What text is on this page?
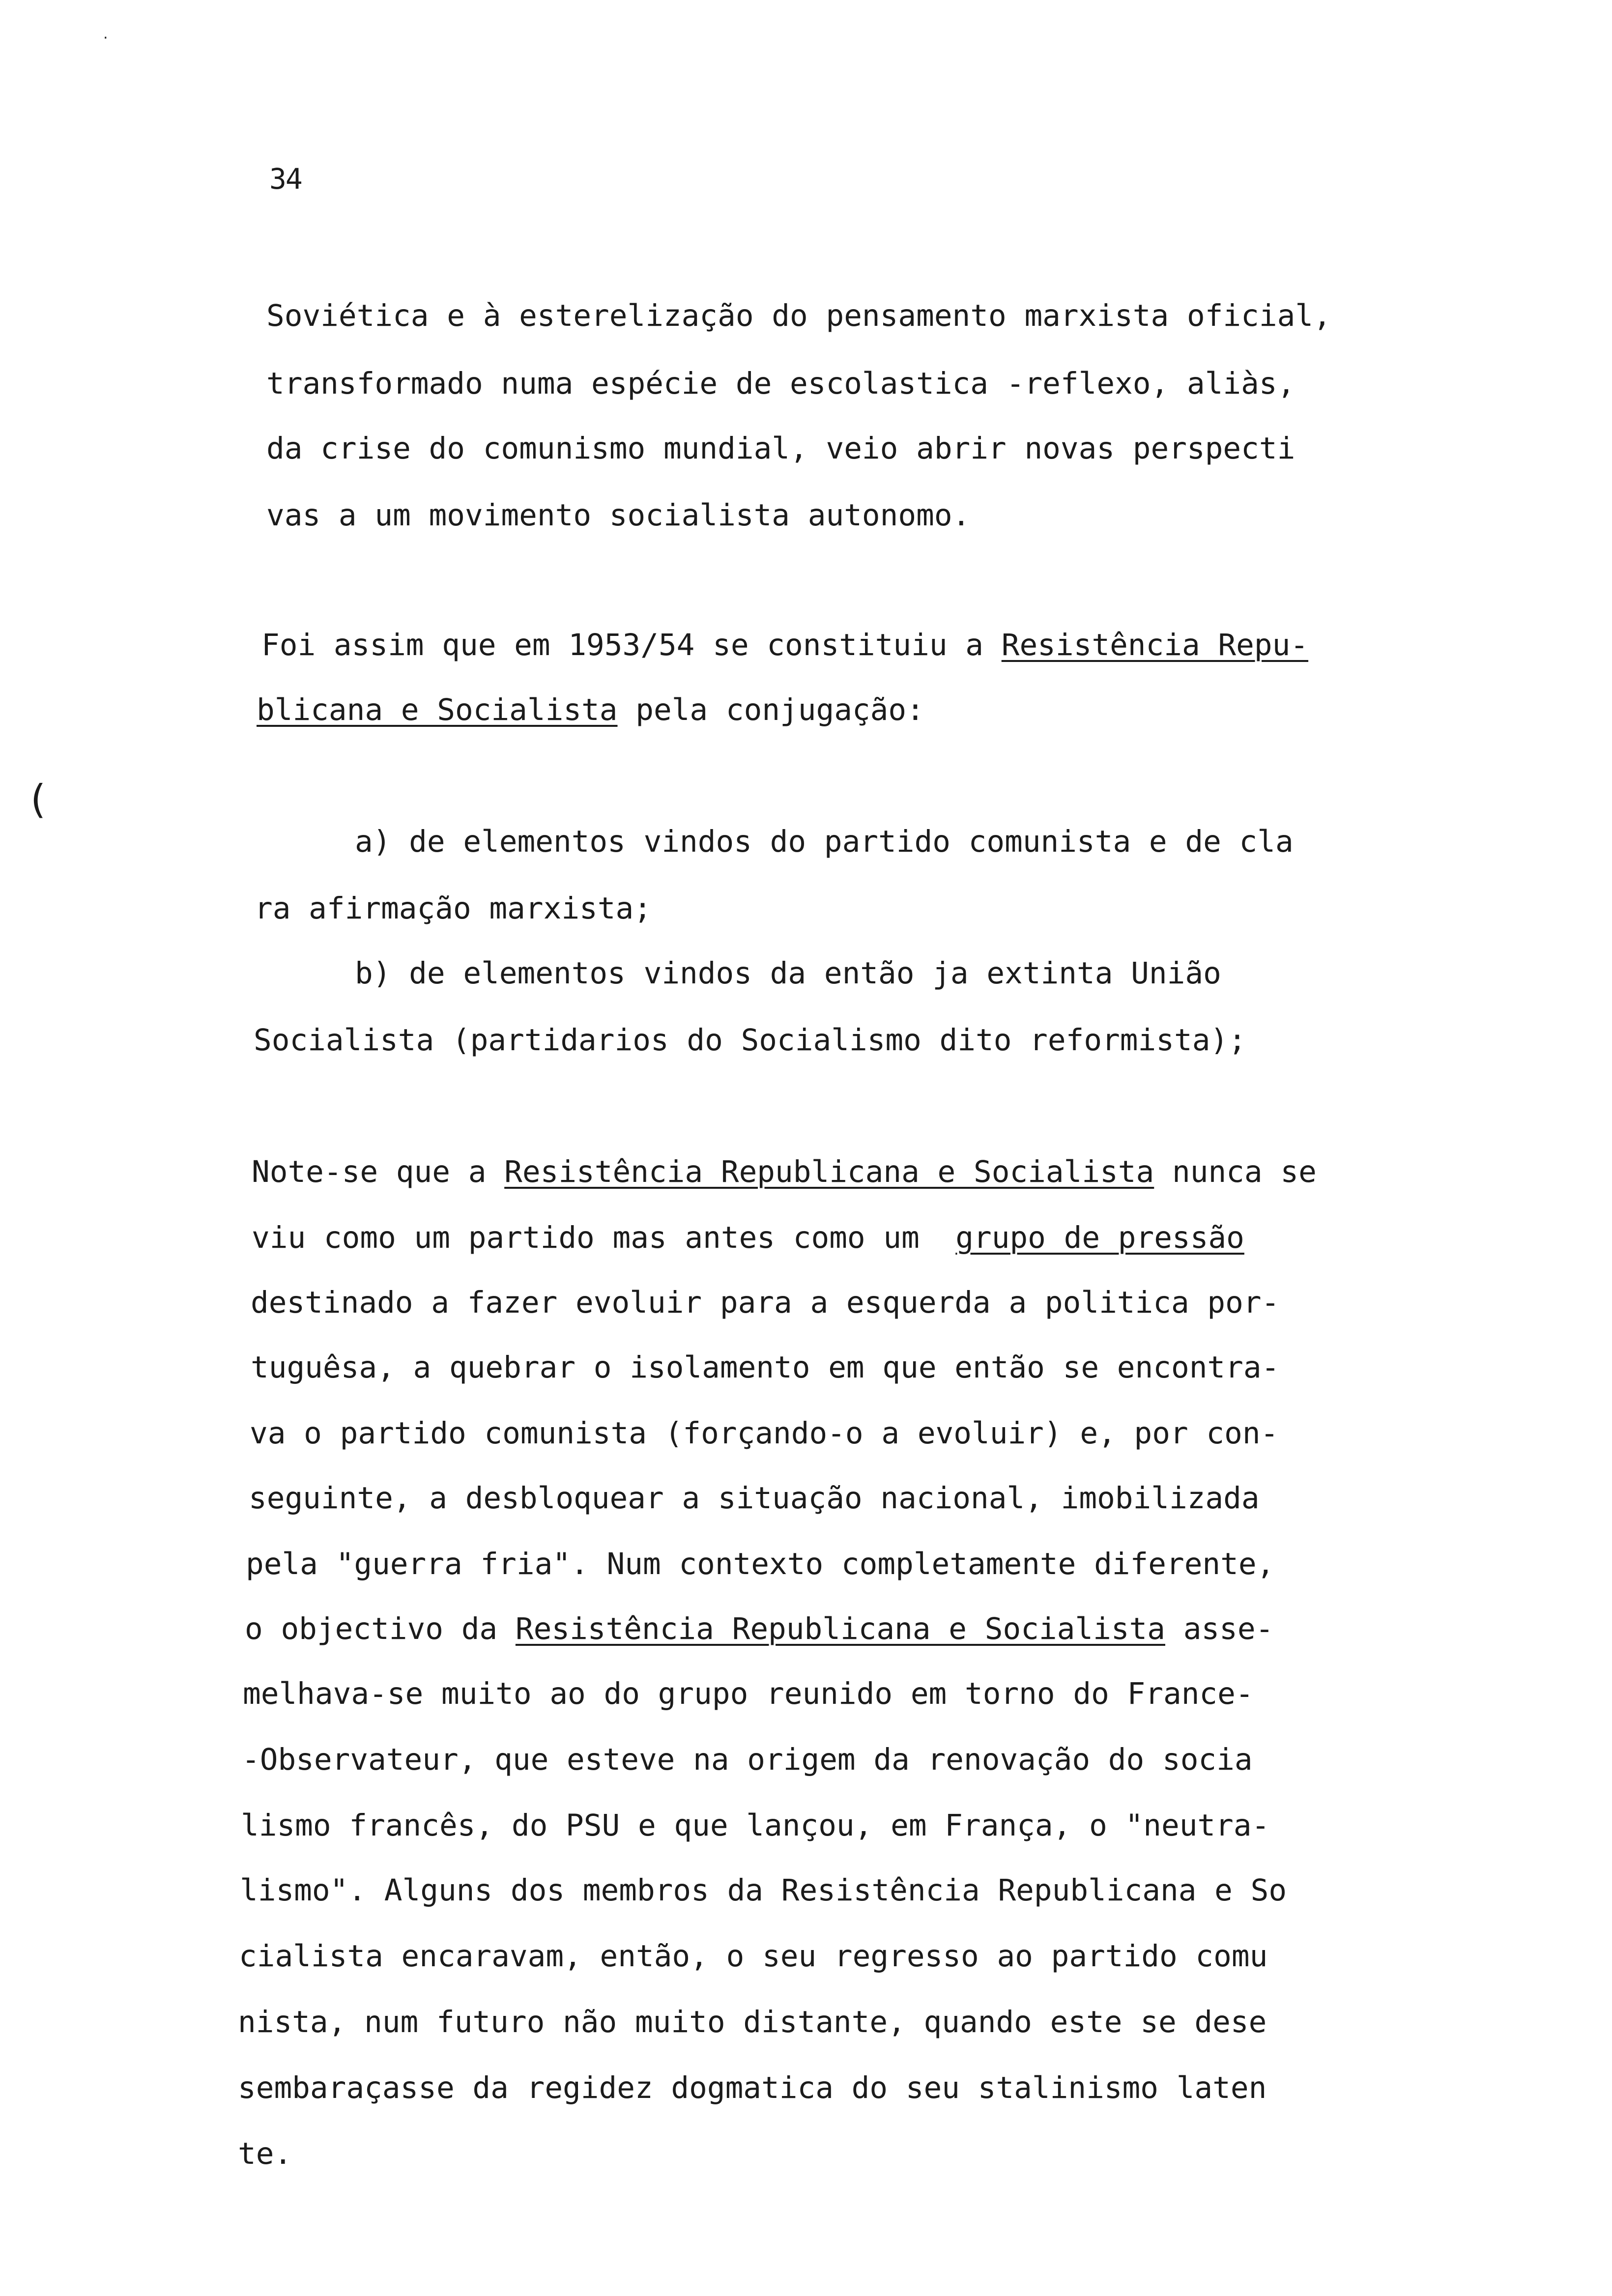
34
·
(
Soviética e à esterelização do pensamento marxista oficial,
transformado numa espécie de escolastica -reflexo, aliàs,
da crise do comunismo mundial, veio abrir novas perspecti
vas a um movimento socialista autonomo.
Foi assim que em 1953/54 se constituiu a Resistência Repu-
blicana e Socialista pela conjugação:
a) de elementos vindos do partido comunista e de cla
ra afirmação marxista;
b) de elementos vindos da então ja extinta União
Socialista (partidarios do Socialismo dito reformista);
Note-se que a Resistência Republicana e Socialista nunca se
viu como um partido mas antes como um  grupo de pressão
destinado a fazer evoluir para a esquerda a politica por-
tuguêsa, a quebrar o isolamento em que então se encontra-
va o partido comunista (forçando-o a evoluir) e, por con-
seguinte, a desbloquear a situação nacional, imobilizada
pela "guerra fria". Num contexto completamente diferente,
o objectivo da Resistência Republicana e Socialista asse-
melhava-se muito ao do grupo reunido em torno do France-
-Observateur, que esteve na origem da renovação do socia
lismo francês, do PSU e que lançou, em França, o "neutra-
lismo". Alguns dos membros da Resistência Republicana e So
cialista encaravam, então, o seu regresso ao partido comu
nista, num futuro não muito distante, quando este se dese
sembaraçasse da regidez dogmatica do seu stalinismo laten
te.
